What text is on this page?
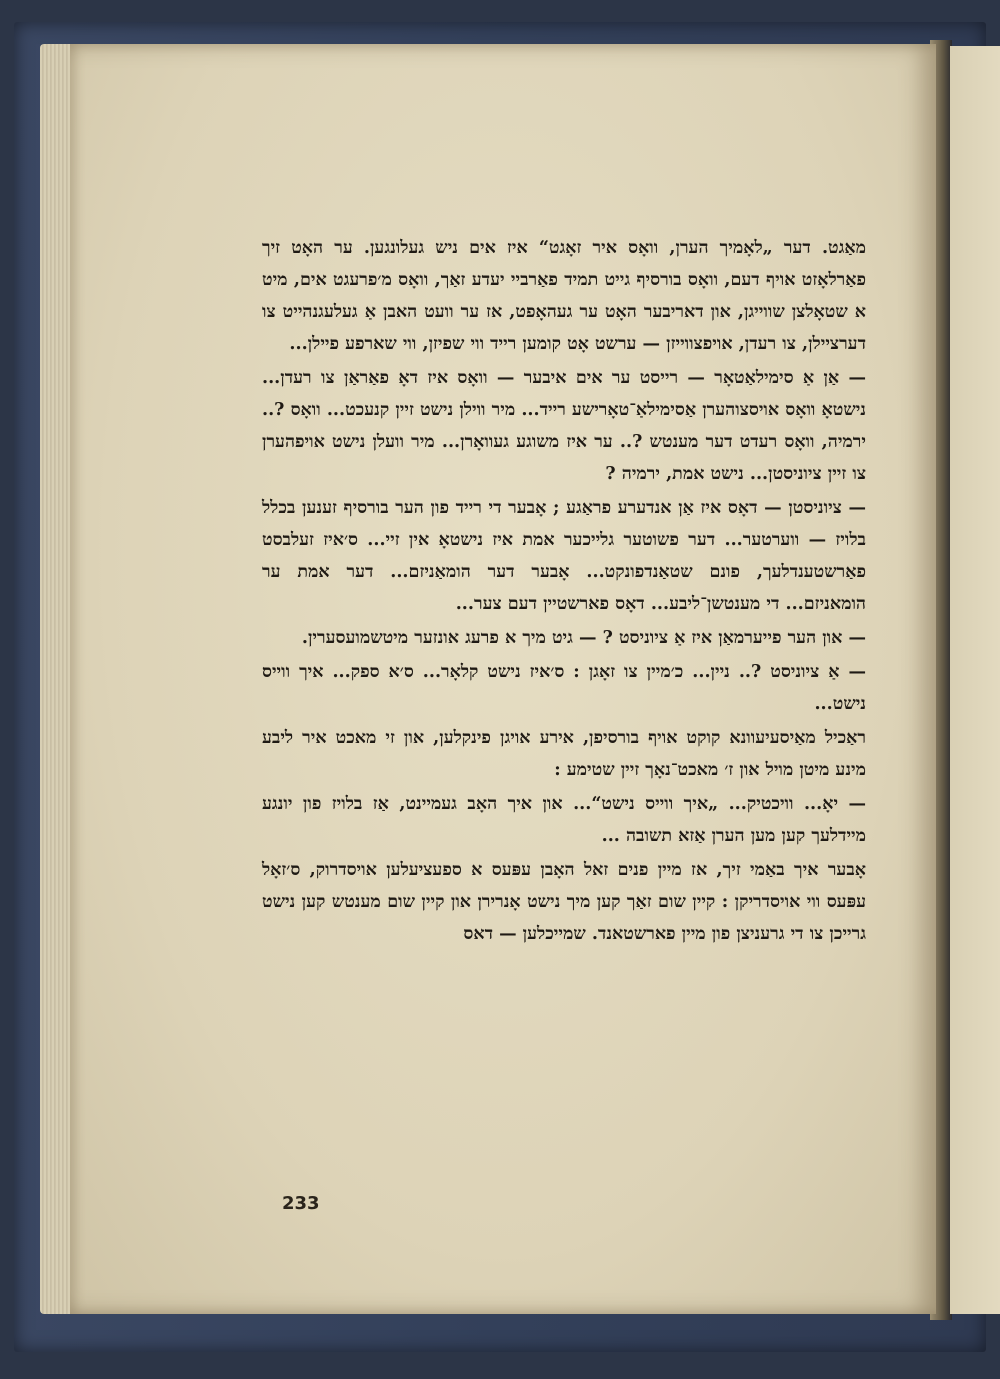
מאַגט. דער „לאָמיך הערן, וואָס איר זאָגט“ איז אים ניש געלונגען. ער האָט זיך פאַרלאָזט אויף דעם, וואָס בורסיף גייט תמיד פאַרביי יעדע זאַך, וואָס מ׳פרעגט אים, מיט א שטאָלצן שווייגן, און דאריבער האָט ער געהאָפט, אז ער וועט האבן אַ געלעגנהייט צו דערציילן, צו רעדן, אויפצווייזן — ערשט אָט קומען רייד ווי שפיזן, ווי שארפע פיילן...

— אַן אַ סימילאַטאָר — רייסט ער אים איבער — וואָס איז דאָ פאַראַן צו רעדן... נישטאָ וואָס אויסצוהערן אַסימילאַ־טאָרישע רייד... מיר ווילן נישט זיין קנעכט... וואָס ?.. ירמיה, וואָס רעדט דער מענטש ?.. ער איז משוגע געוואָרן... מיר וועלן נישט אויפהערן צו זיין ציוניסטן... נישט אמת, ירמיה ?

— ציוניסטן — דאָס איז אַן אנדערע פראַגע ; אָבער די רייד פון הער בורסיף זענען בכלל בלויז — ווערטער... דער פשוטער גלייכער אמת איז נישטאָ אין זיי... ס׳איז זעלבסט פאַרשטענדלעך, פונם שטאַנדפונקט... אָבער דער הומאַניזם... דער אמת ער הומאניזם... די מענטשן־ליבע... דאָס פארשטיין דעם צער...

— און הער פייערמאַן איז אַ ציוניסט ? — גיט מיך א פרעג אונזער מיטשמועסערין.

— אַ ציוניסט ?.. ניין... כ׳מיין צו זאָגן : ס׳איז נישט קלאָר... ס׳א ספק... איך ווייס נישט...

ראַכיל מאַיסעיעוונא קוקט אויף בורסיפן, אירע אויגן פינקלען, און זי מאכט איר ליבע מינע מיטן מויל און ז׳ מאכט־נאָך זיין שטימע :

— יאָ... וויכטיק... „איך ווייס נישט“... און איך האָב געמיינט, אַז בלויז פון יונגע מיידלעך קען מען הערן אַזא תשובה ...

אָבער איך באַמי זיך, אז מיין פנים זאל האָבן עפּעס א ספעציעלען אויסדרוק, ס׳זאָל עפּעס ווי אויסדריקן : קיין שום זאַך קען מיך נישט אָנרירן און קיין שום מענטש קען נישט גרייכן צו די גרעניצן פון מיין פארשטאנד. שמייכלען — דאס

233
